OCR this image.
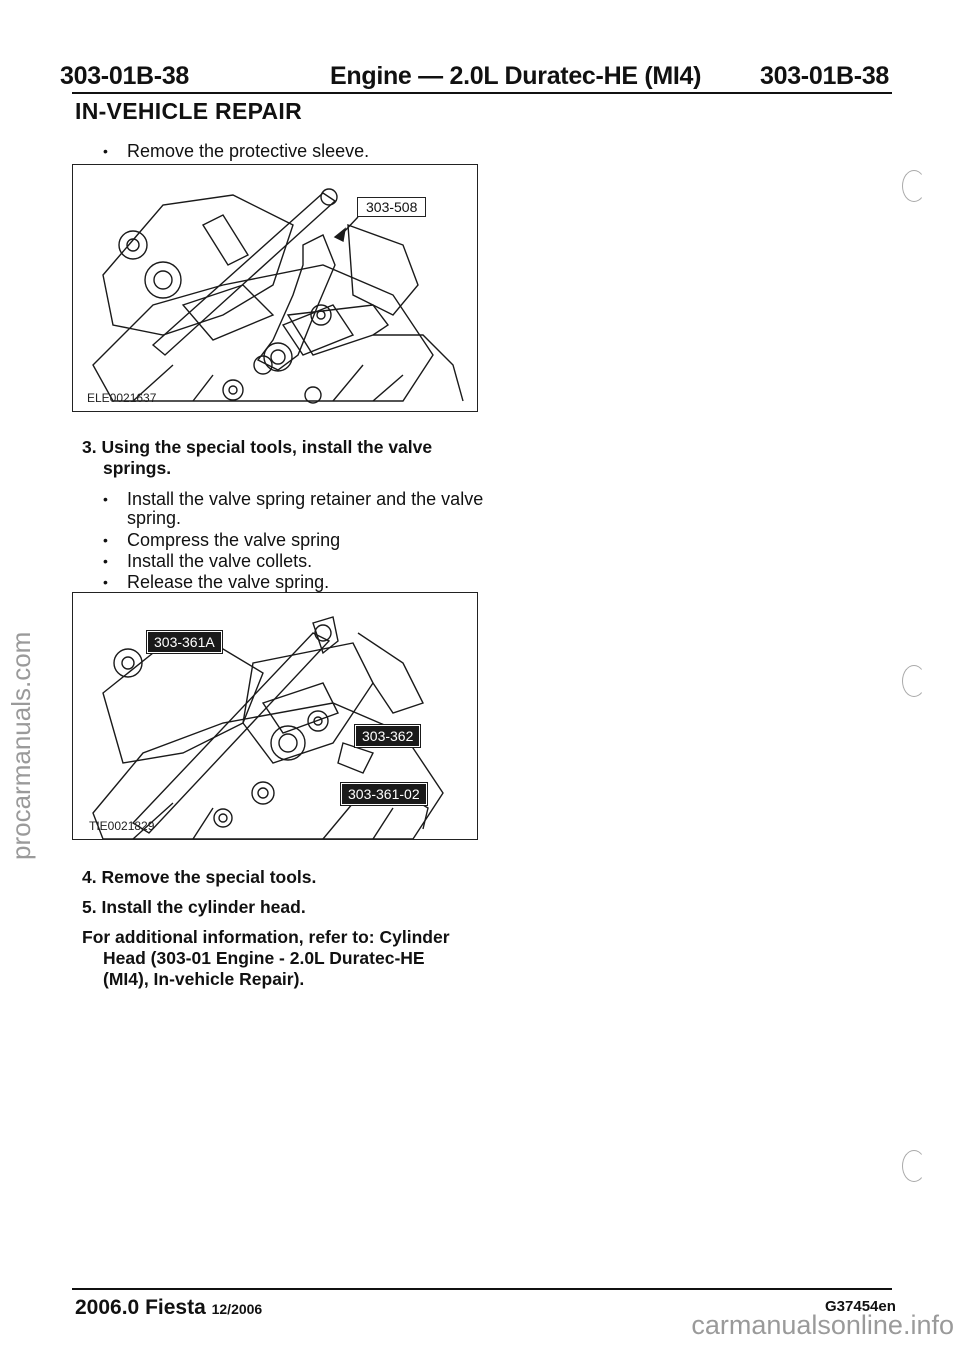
303-01B-38	Engine — 2.0L Duratec-HE (MI4) 303-01B-38
IN-VEHICLE REPAIR
• Remove the protective sleeve.
303-508
ELE0021637
3. Using the special tools, install the valve
springs.
• Install the valve spring retainer and the valve
spring.
• Compress the valve spring
• Install the valve collets.
• Release the valve spring.
303-361A
303-362
303-361-02
TIE0021829
4. Remove the special tools.
5. Install the cylinder head.
For additional information, refer to: Cylinder
Head (303-01 Engine - 2.0L Duratec-HE
(MI4), In-vehicle Repair).
2006.0 Fiesta 12/2006	G37454en
procarmanuals.com
carmanualsonline.info
